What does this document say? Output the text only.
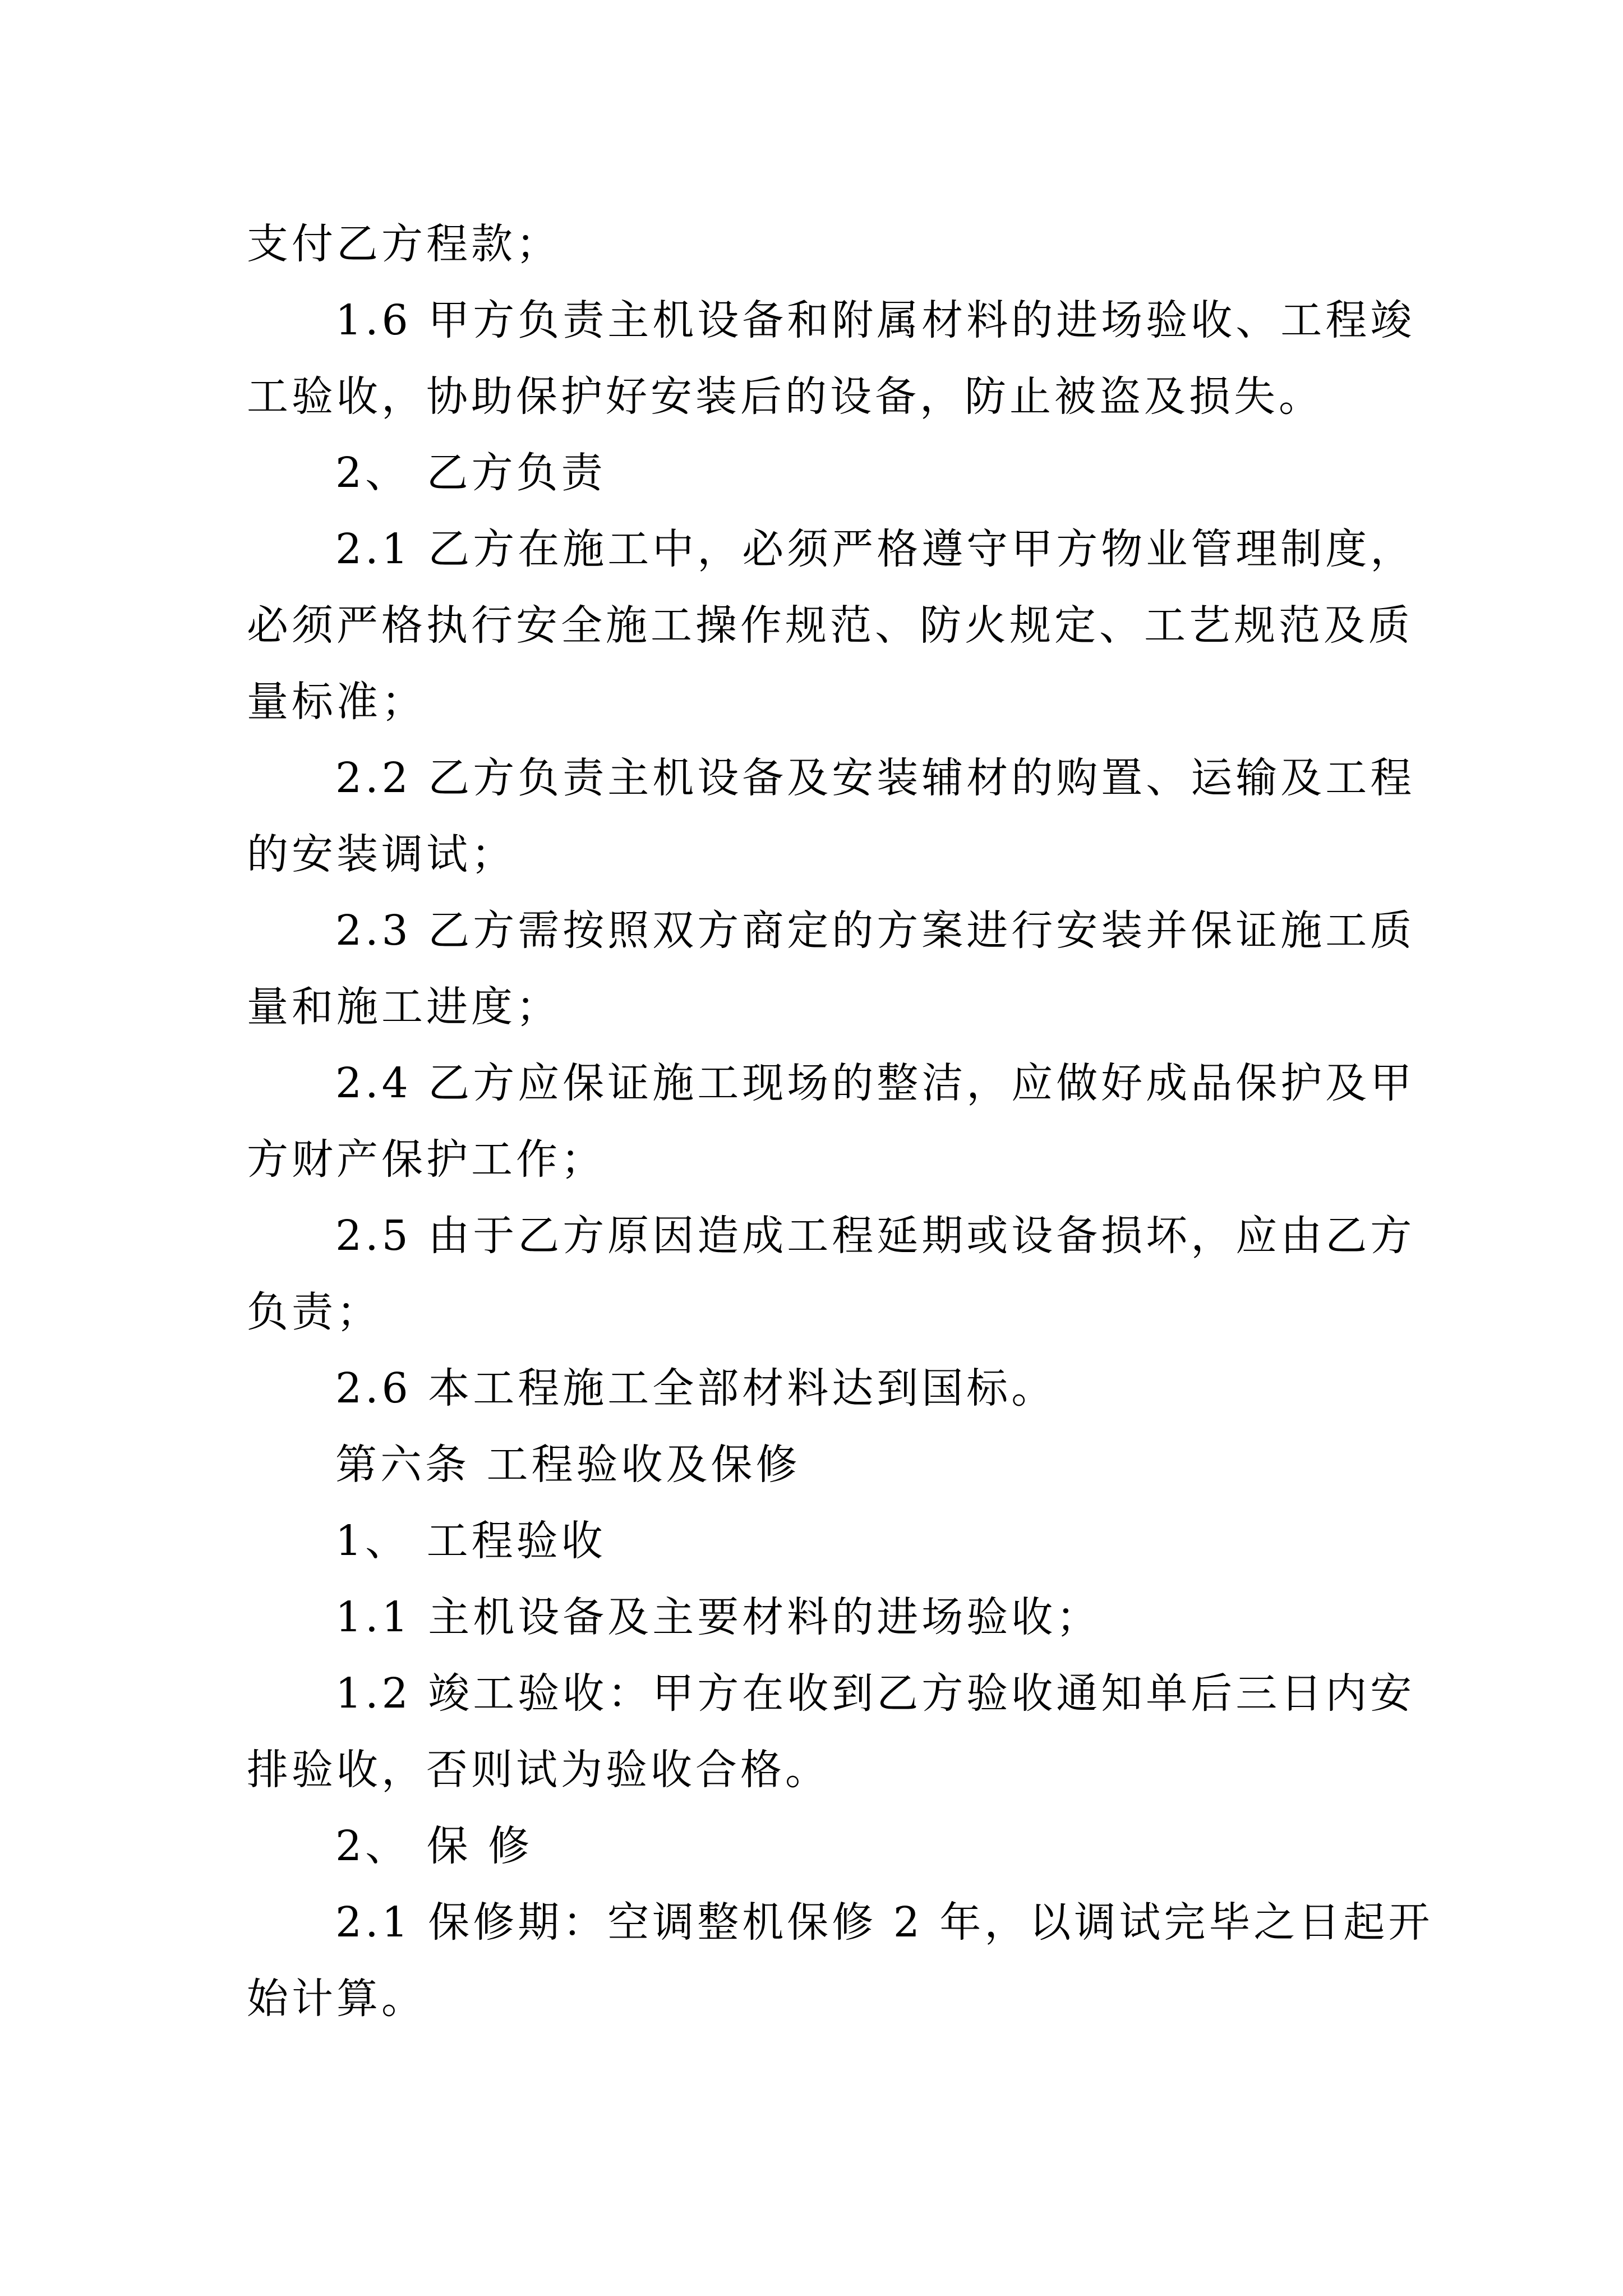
支付乙方程款；
1.6 甲方负责主机设备和附属材料的进场验收、工程竣
工验收，协助保护好安装后的设备，防止被盗及损失。
2、 乙方负责
2.1 乙方在施工中，必须严格遵守甲方物业管理制度，
必须严格执行安全施工操作规范、防火规定、工艺规范及质
量标准；
2.2 乙方负责主机设备及安装辅材的购置、运输及工程
的安装调试；
2.3 乙方需按照双方商定的方案进行安装并保证施工质
量和施工进度；
2.4 乙方应保证施工现场的整洁，应做好成品保护及甲
方财产保护工作；
2.5 由于乙方原因造成工程延期或设备损坏，应由乙方
负责；
2.6 本工程施工全部材料达到国标。
第六条 工程验收及保修
1、 工程验收
1.1 主机设备及主要材料的进场验收；
1.2 竣工验收：甲方在收到乙方验收通知单后三日内安
排验收，否则试为验收合格。
2、 保 修
2.1 保修期：空调整机保修 2 年，以调试完毕之日起开
始计算。
